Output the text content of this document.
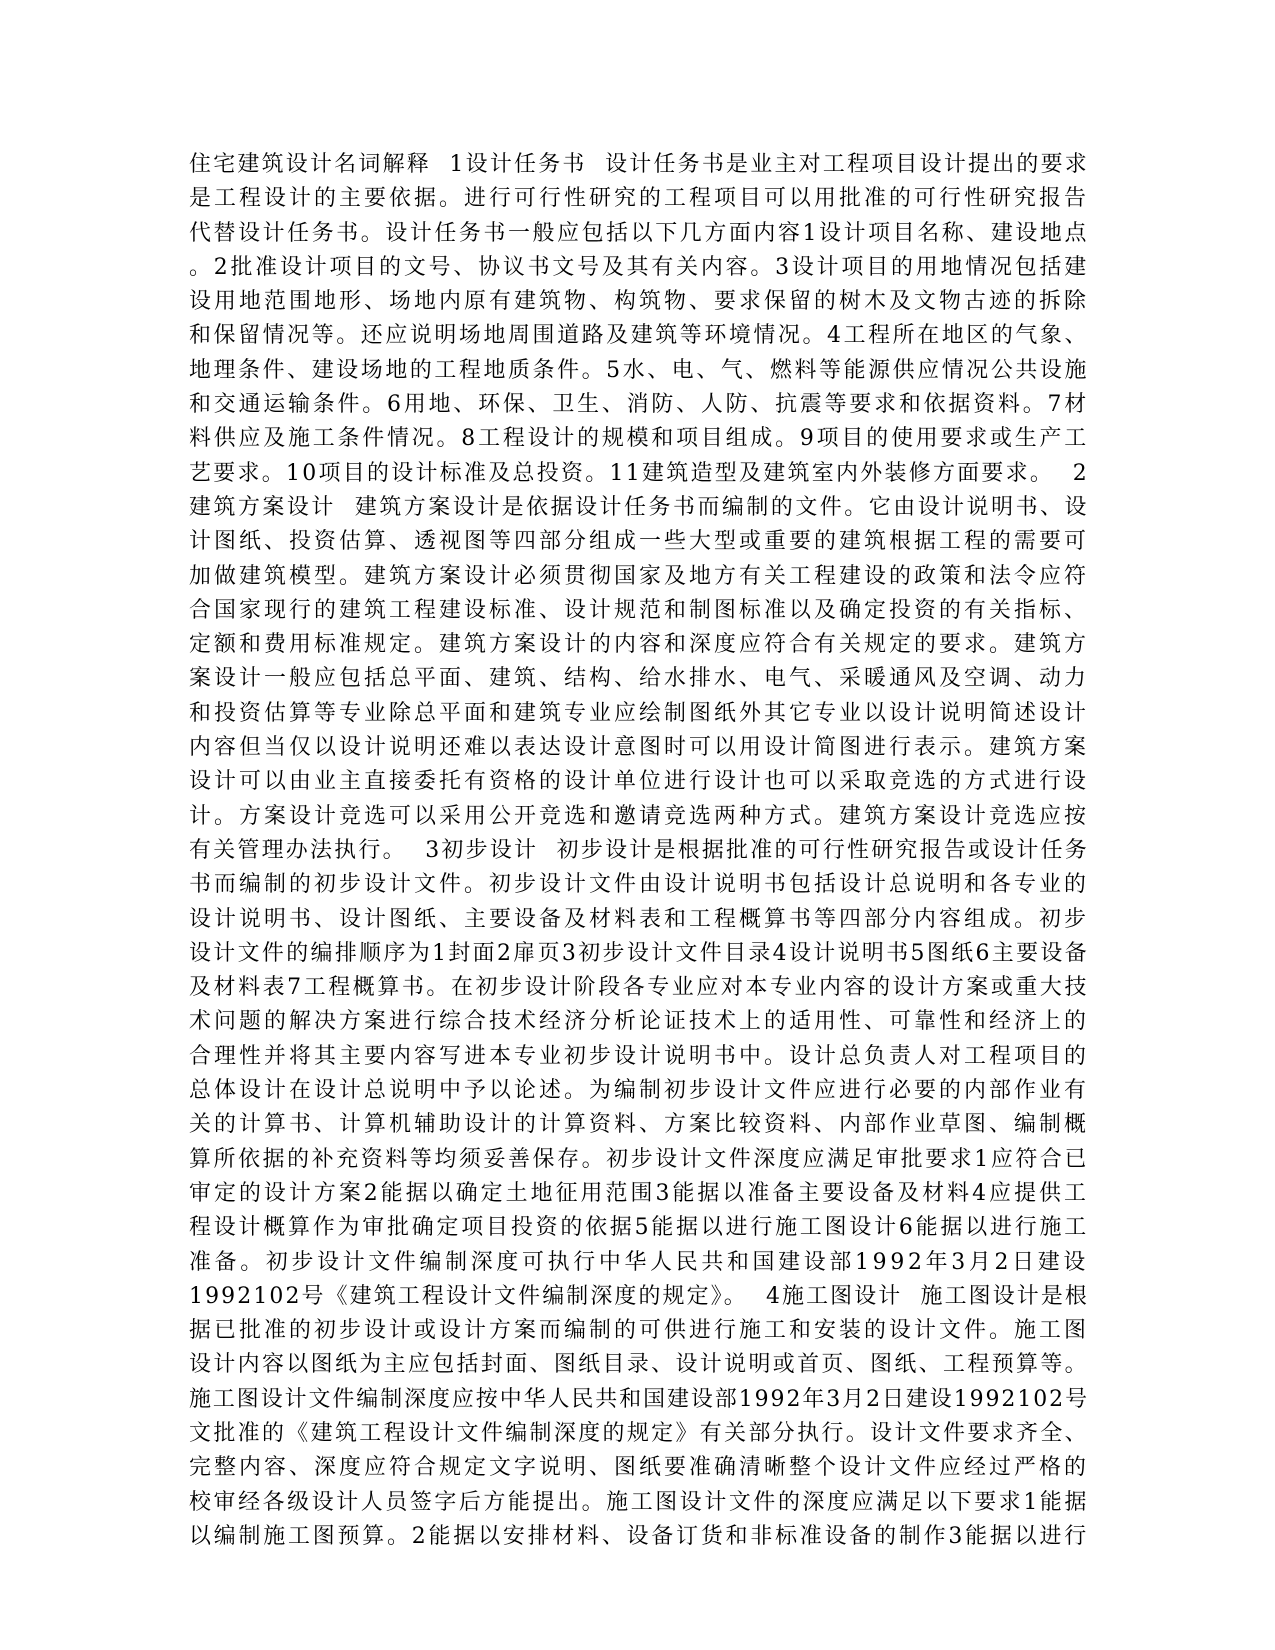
住宅建筑设计名词解释  1设计任务书  设计任务书是业主对工程项目设计提出的要求
是工程设计的主要依据。进行可行性研究的工程项目可以用批准的可行性研究报告
代替设计任务书。设计任务书一般应包括以下几方面内容1设计项目名称、建设地点
。2批准设计项目的文号、协议书文号及其有关内容。3设计项目的用地情况包括建
设用地范围地形、场地内原有建筑物、构筑物、要求保留的树木及文物古迹的拆除
和保留情况等。还应说明场地周围道路及建筑等环境情况。4工程所在地区的气象、
地理条件、建设场地的工程地质条件。5水、电、气、燃料等能源供应情况公共设施
和交通运输条件。6用地、环保、卫生、消防、人防、抗震等要求和依据资料。7材
料供应及施工条件情况。8工程设计的规模和项目组成。9项目的使用要求或生产工
艺要求。10项目的设计标准及总投资。11建筑造型及建筑室内外装修方面要求。  2
建筑方案设计  建筑方案设计是依据设计任务书而编制的文件。它由设计说明书、设
计图纸、投资估算、透视图等四部分组成一些大型或重要的建筑根据工程的需要可
加做建筑模型。建筑方案设计必须贯彻国家及地方有关工程建设的政策和法令应符
合国家现行的建筑工程建设标准、设计规范和制图标准以及确定投资的有关指标、
定额和费用标准规定。建筑方案设计的内容和深度应符合有关规定的要求。建筑方
案设计一般应包括总平面、建筑、结构、给水排水、电气、采暖通风及空调、动力
和投资估算等专业除总平面和建筑专业应绘制图纸外其它专业以设计说明简述设计
内容但当仅以设计说明还难以表达设计意图时可以用设计简图进行表示。建筑方案
设计可以由业主直接委托有资格的设计单位进行设计也可以采取竞选的方式进行设
计。方案设计竞选可以采用公开竞选和邀请竞选两种方式。建筑方案设计竞选应按
有关管理办法执行。  3初步设计  初步设计是根据批准的可行性研究报告或设计任务
书而编制的初步设计文件。初步设计文件由设计说明书包括设计总说明和各专业的
设计说明书、设计图纸、主要设备及材料表和工程概算书等四部分内容组成。初步
设计文件的编排顺序为1封面2扉页3初步设计文件目录4设计说明书5图纸6主要设备
及材料表7工程概算书。在初步设计阶段各专业应对本专业内容的设计方案或重大技
术问题的解决方案进行综合技术经济分析论证技术上的适用性、可靠性和经济上的
合理性并将其主要内容写进本专业初步设计说明书中。设计总负责人对工程项目的
总体设计在设计总说明中予以论述。为编制初步设计文件应进行必要的内部作业有
关的计算书、计算机辅助设计的计算资料、方案比较资料、内部作业草图、编制概
算所依据的补充资料等均须妥善保存。初步设计文件深度应满足审批要求1应符合已
审定的设计方案2能据以确定土地征用范围3能据以准备主要设备及材料4应提供工
程设计概算作为审批确定项目投资的依据5能据以进行施工图设计6能据以进行施工
准备。初步设计文件编制深度可执行中华人民共和国建设部1992年3月2日建设
1992102号《建筑工程设计文件编制深度的规定》。  4施工图设计  施工图设计是根
据已批准的初步设计或设计方案而编制的可供进行施工和安装的设计文件。施工图
设计内容以图纸为主应包括封面、图纸目录、设计说明或首页、图纸、工程预算等。
施工图设计文件编制深度应按中华人民共和国建设部1992年3月2日建设1992102号
文批准的《建筑工程设计文件编制深度的规定》有关部分执行。设计文件要求齐全、
完整内容、深度应符合规定文字说明、图纸要准确清晰整个设计文件应经过严格的
校审经各级设计人员签字后方能提出。施工图设计文件的深度应满足以下要求1能据
以编制施工图预算。2能据以安排材料、设备订货和非标准设备的制作3能据以进行
